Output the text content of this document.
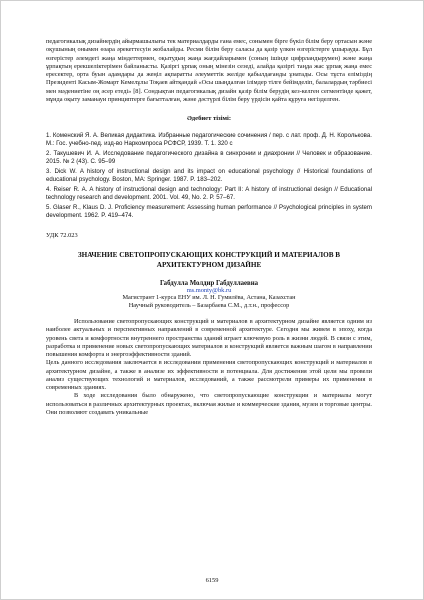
педагогикалық дизайнердің айырмашылығы тек материалдарды ғана емес, сонымен бірге бүкіл білім беру ортасын және оқушының онымен өзара әрекеттесуін жобалайды. Ресми білім беру саласы да қазір үлкен өзгерістерге ұшырауда. Бұл өзгерістер әлемдегі жаңа міндеттермен, оқытудың жаңа жағдайларымен (соның ішінде цифрландырумен) және жаңа ұрпақтың ерекшеліктерімен байланысты. Қазіргі ұрпақ оның мінезін сезеді, алайда қазіргі таңда жас ұрпақ жаңа емес ересектер, орта буын адамдары да жеңіл ақпаратты әлеуметтік желіде қабылдағанды ұнатады. Осы тұста еліміздің Президенті Касым-Жомарт Кемелұлы Тоқаев айтқандай «Осы шыңдалған ілімдер тілге бейімделіп, балалардың тәрбиесі мен мәдениетіне оң әсер етеді» [8]. Сондықтан педагогикалық дизайн қазір білім берудің кез-келген сегментінде қажет, мұнда оқыту заманауи принциптерге бағытталған, және дәстүрлі білім беру үрдісін қайта құруға негізделген.

Әдебиет тізімі:
1. Коменский Я. А. Великая дидактика. Избранные педагогические сочинения / пер. с лат. проф. Д. Н. Корольковa. М.: Гос. учебно-пед. изд-во Наркомпроса РСФСР, 1939. Т. 1. 320 с
2. Такушевич И. А. Исследование педагогического дизайна в синхронии и диахронии // Человек и образование. 2015. № 2 (43). С. 95–99
3. Dick W. A history of instructional design and its impact on educational psychology // Historical foundations of educational psychology. Boston, MA: Springer. 1987. P. 183–202.
4. Reiser R. A. A history of instructional design and technology: Part II: A history of instructional design // Educational technology research and development. 2001. Vol. 49, No. 2. P. 57–67.
5. Glaser R., Klaus D. J. Proficiency measurement: Assessing human performance // Psychological principles in system development. 1962. P. 419–474.
УДК 72.023
ЗНАЧЕНИЕ СВЕТОПРОПУСКАЮЩИХ КОНСТРУКЦИЙ И МАТЕРИАЛОВ В АРХИТЕКТУРНОМ ДИЗАЙНЕ
Габдулла Молдир Габдуллаевна
ms.monty@bk.ru
Магистрант 1-курса ЕНУ им. Л. Н. Гумилёва, Астана, Казахстан
Научный руководитель – Базарбаева С.М., д.т.н., профессор

Использование светопропускающих конструкций и материалов в архитектурном дизайне является одним из наиболее актуальных и перспективных направлений в современной архитектуре. Сегодня мы живем в эпоху, когда уровень света и комфортности внутреннего пространства зданий играет ключевую роль в жизни людей. В связи с этим, разработка и применение новых светопропускающих материалов и конструкций является важным шагом в направлении повышения комфорта и энергоэффективности зданий.

Цель данного исследования заключается в исследовании применения светопропускающих конструкций и материалов в архитектурном дизайне, а также в анализе их эффективности и потенциала. Для достижения этой цели мы провели анализ существующих технологий и материалов, исследований, а также рассмотрели примеры их применения в современных зданиях.

В ходе исследования было обнаружено, что светопропускающие конструкции и материалы могут использоваться в различных архитектурных проектах, включая жилые и коммерческие здания, музеи и торговые центры. Они позволяют создавать уникальные

6159
